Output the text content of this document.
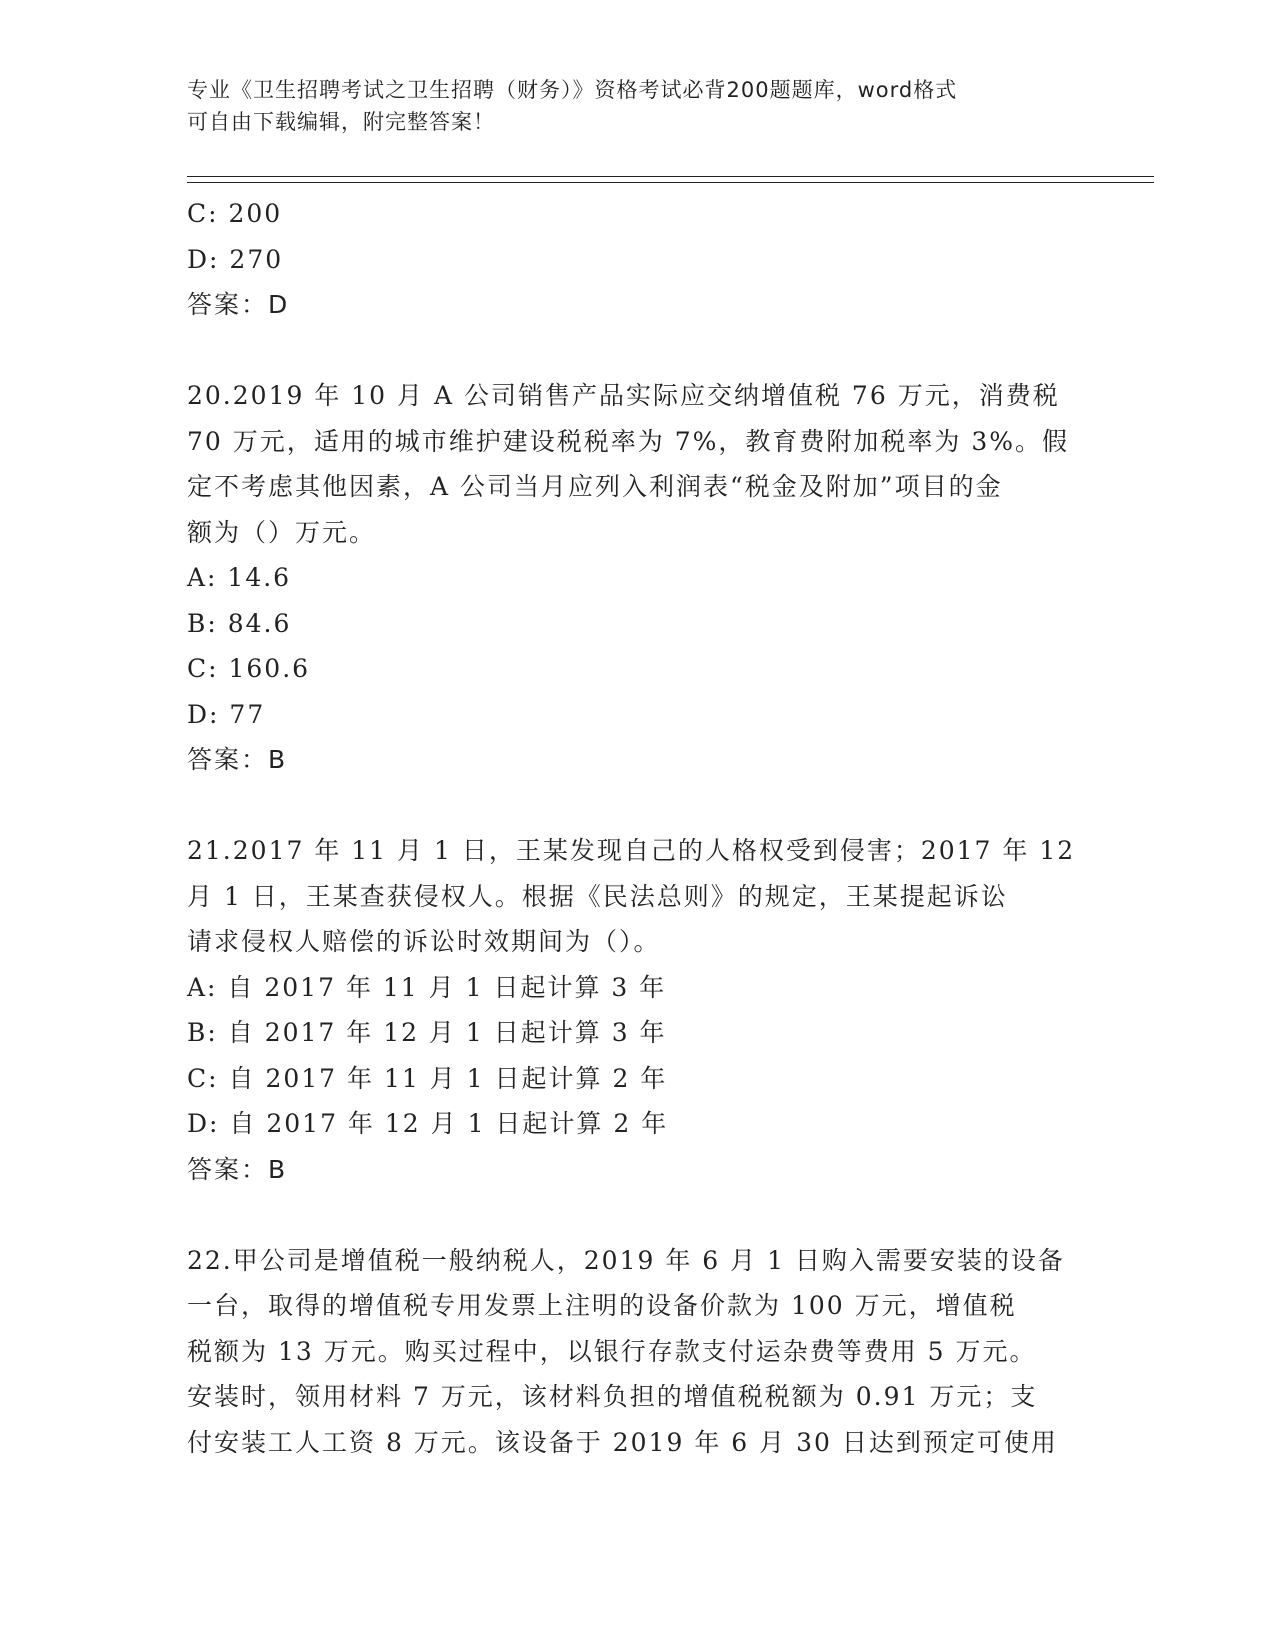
专业《卫生招聘考试之卫生招聘（财务）》资格考试必背200题题库，word格式
可自由下载编辑，附完整答案！
C: 200
D: 270
答案：D
20.2019 年 10 月 A 公司销售产品实际应交纳增值税 76 万元，消费税
70 万元，适用的城市维护建设税税率为 7%，教育费附加税率为 3%。假
定不考虑其他因素，A 公司当月应列入利润表“税金及附加”项目的金
额为（）万元。
A: 14.6
B: 84.6
C: 160.6
D: 77
答案：B
21.2017 年 11 月 1 日，王某发现自己的人格权受到侵害；2017 年 12
月 1 日，王某查获侵权人。根据《民法总则》的规定，王某提起诉讼
请求侵权人赔偿的诉讼时效期间为（）。
A: 自 2017 年 11 月 1 日起计算 3 年
B: 自 2017 年 12 月 1 日起计算 3 年
C: 自 2017 年 11 月 1 日起计算 2 年
D: 自 2017 年 12 月 1 日起计算 2 年
答案：B
22.甲公司是增值税一般纳税人，2019 年 6 月 1 日购入需要安装的设备
一台，取得的增值税专用发票上注明的设备价款为 100 万元，增值税
税额为 13 万元。购买过程中，以银行存款支付运杂费等费用 5 万元。
安装时，领用材料 7 万元，该材料负担的增值税税额为 0.91 万元；支
付安装工人工资 8 万元。该设备于 2019 年 6 月 30 日达到预定可使用
